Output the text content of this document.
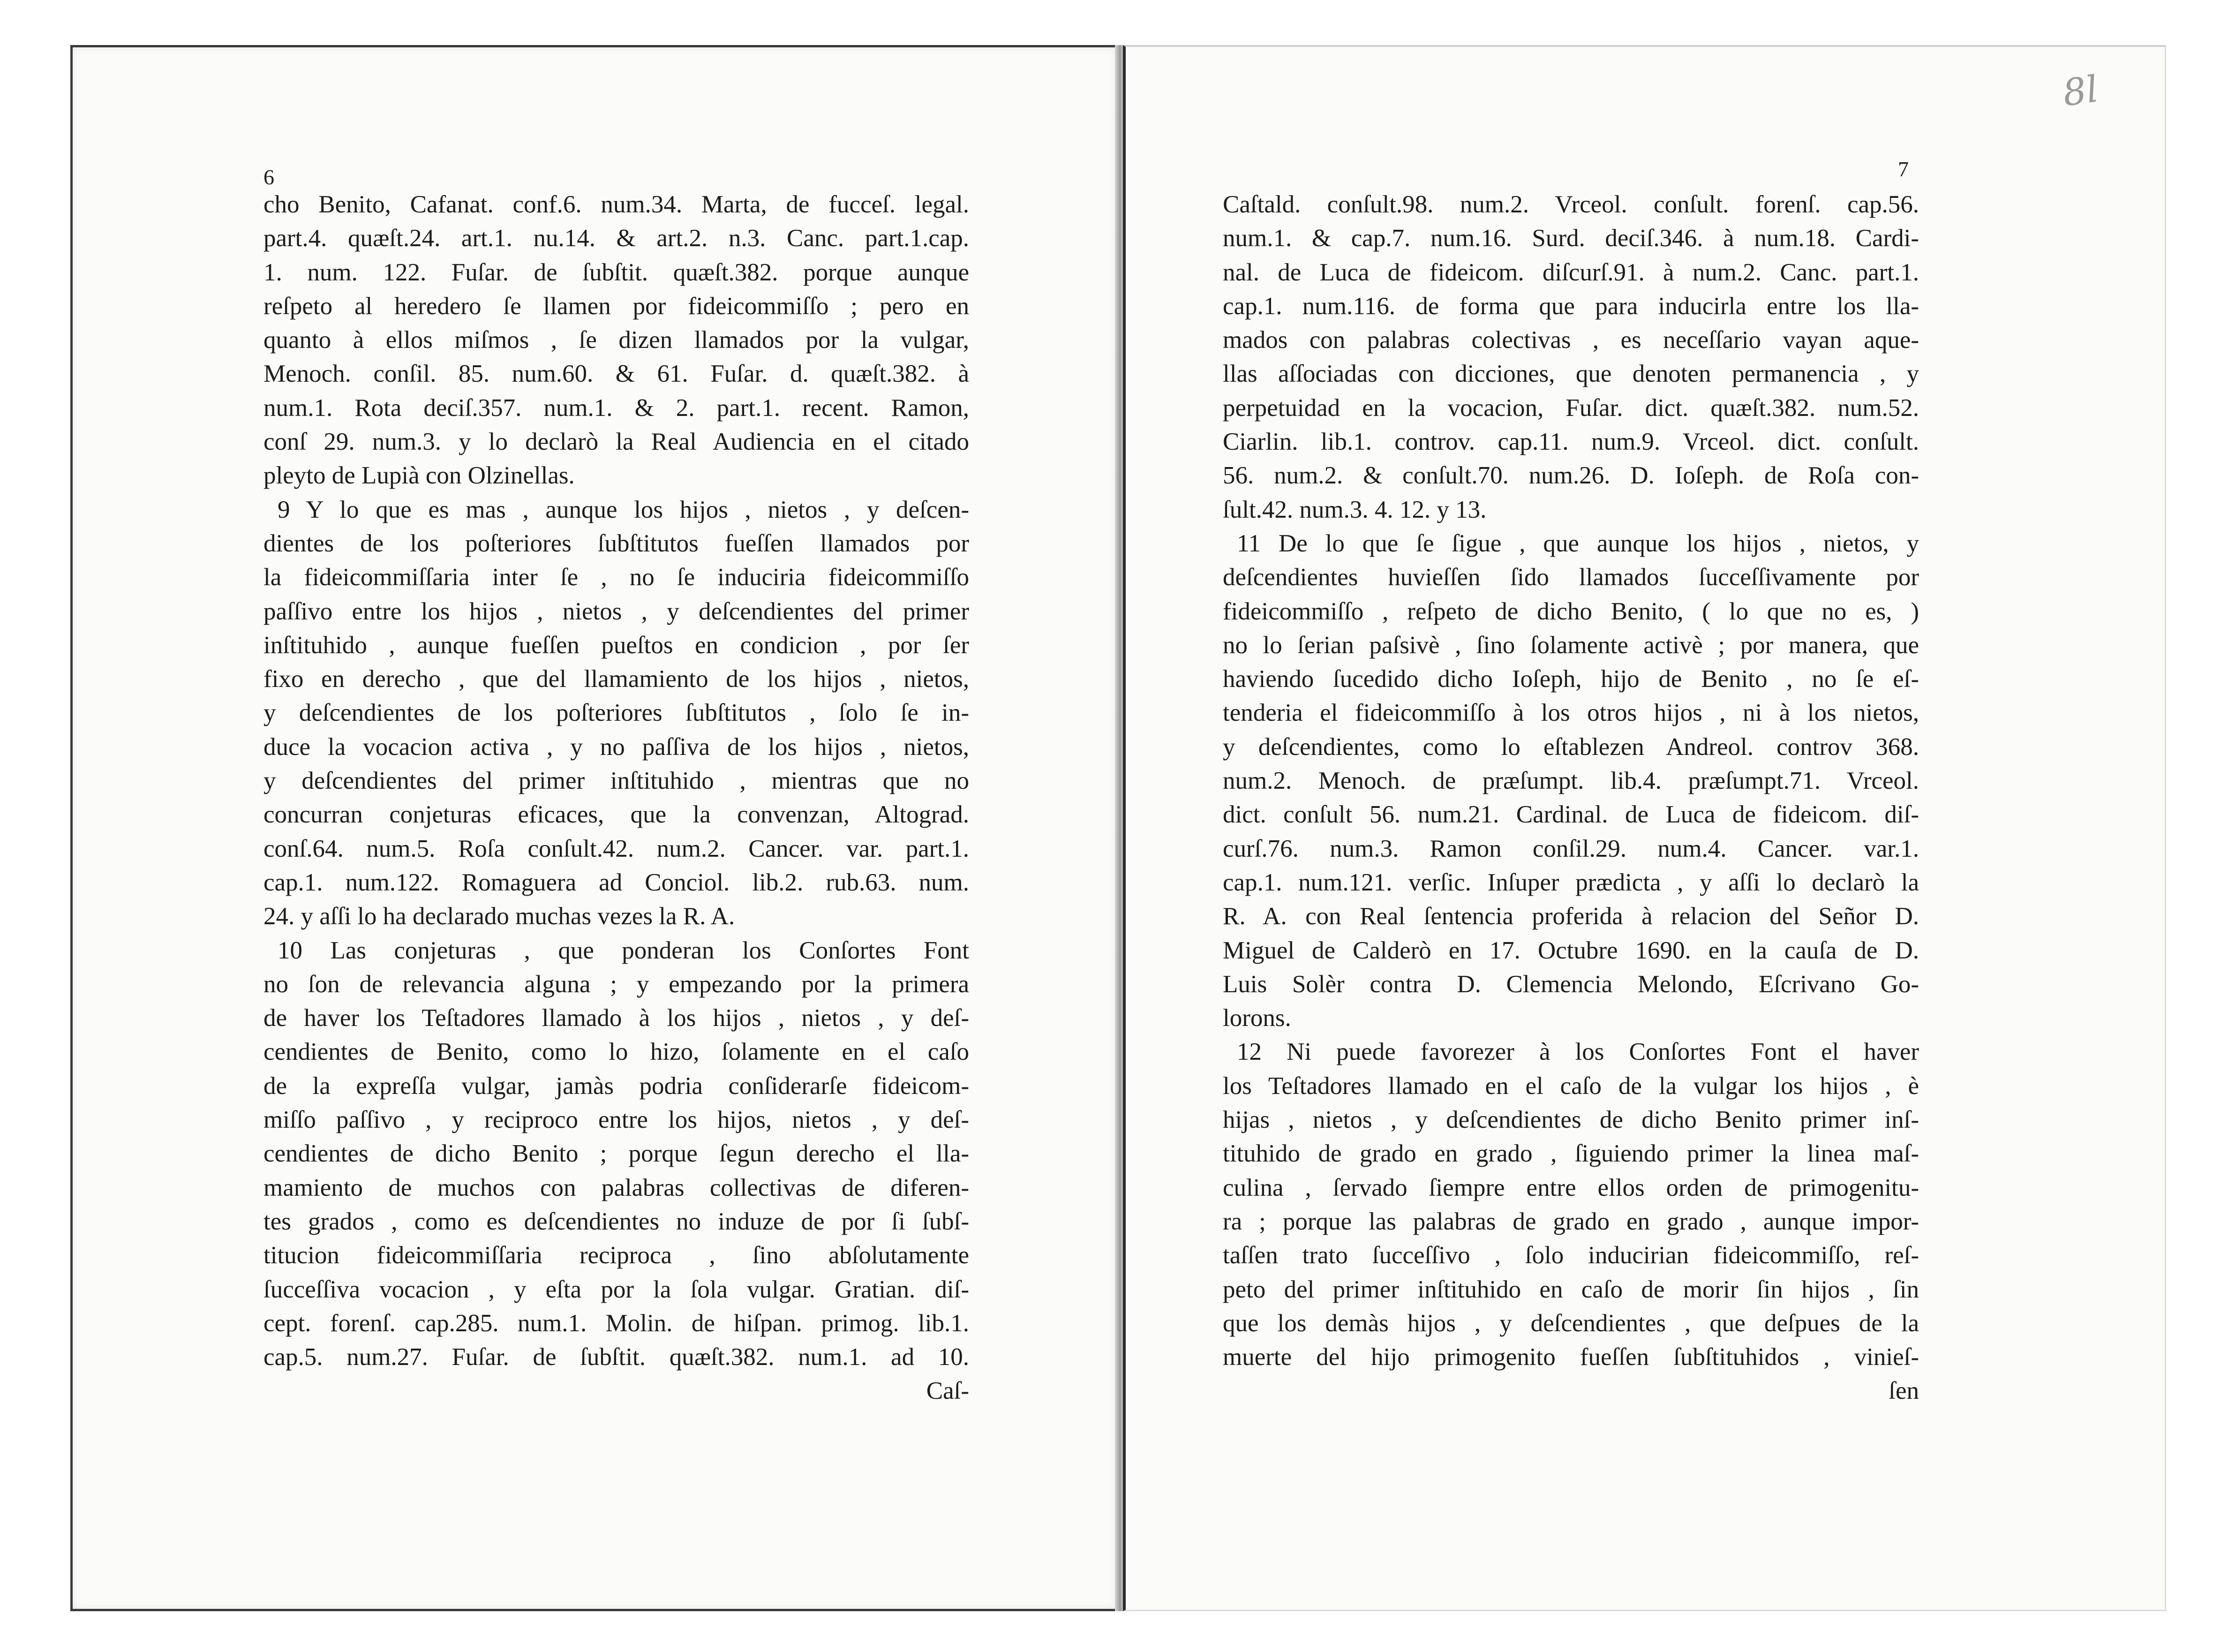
8l
6	7
cho Benito, Cafanat. conf.6. num.34. Marta, de fucceſ. legal.
part.4. quæſt.24. art.1. nu.14. & art.2. n.3. Canc. part.1.cap.
1. num. 122. Fuſar. de ſubſtit. quæſt.382. porque aunque
reſpeto al heredero ſe llamen por fideicommiſſo ; pero en
quanto à ellos miſmos , ſe dizen llamados por la vulgar,
Menoch. conſil. 85. num.60. & 61. Fuſar. d. quæſt.382. à
num.1. Rota deciſ.357. num.1. & 2. part.1. recent. Ramon,
conſ 29. num.3. y lo declarò la Real Audiencia en el citado
pleyto de Lupià con Olzinellas.
9 Y lo que es mas , aunque los hijos , nietos , y deſcen-
dientes de los poſteriores ſubſtitutos fueſſen llamados por
la fideicommiſſaria inter ſe , no ſe induciria fideicommiſſo
paſſivo entre los hijos , nietos , y deſcendientes del primer
inſtituhido , aunque fueſſen pueſtos en condicion , por ſer
fixo en derecho , que del llamamiento de los hijos , nietos,
y deſcendientes de los poſteriores ſubſtitutos , ſolo ſe in-
duce la vocacion activa , y no paſſiva de los hijos , nietos,
y deſcendientes del primer inſtituhido , mientras que no
concurran conjeturas eficaces, que la convenzan, Altograd.
conſ.64. num.5. Roſa conſult.42. num.2. Cancer. var. part.1.
cap.1. num.122. Romaguera ad Conciol. lib.2. rub.63. num.
24. y aſſi lo ha declarado muchas vezes la R. A.
10 Las conjeturas , que ponderan los Conſortes Font
no ſon de relevancia alguna ; y empezando por la primera
de haver los Teſtadores llamado à los hijos , nietos , y deſ-
cendientes de Benito, como lo hizo, ſolamente en el caſo
de la expreſſa vulgar, jamàs podria conſiderarſe fideicom-
miſſo paſſivo , y reciproco entre los hijos, nietos , y deſ-
cendientes de dicho Benito ; porque ſegun derecho el lla-
mamiento de muchos con palabras collectivas de diferen-
tes grados , como es deſcendientes no induze de por ſi ſubſ-
titucion fideicommiſſaria reciproca , ſino abſolutamente
ſucceſſiva vocacion , y eſta por la ſola vulgar. Gratian. diſ-
cept. forenſ. cap.285. num.1. Molin. de hiſpan. primog. lib.1.
cap.5. num.27. Fuſar. de ſubſtit. quæſt.382. num.1. ad 10.
Caſ-
Caſtald. conſult.98. num.2. Vrceol. conſult. forenſ. cap.56.
num.1. & cap.7. num.16. Surd. deciſ.346. à num.18. Cardi-
nal. de Luca de fideicom. diſcurſ.91. à num.2. Canc. part.1.
cap.1. num.116. de forma que para inducirla entre los lla-
mados con palabras colectivas , es neceſſario vayan aque-
llas aſſociadas con dicciones, que denoten permanencia , y
perpetuidad en la vocacion, Fuſar. dict. quæſt.382. num.52.
Ciarlin. lib.1. controv. cap.11. num.9. Vrceol. dict. conſult.
56. num.2. & conſult.70. num.26. D. Ioſeph. de Roſa con-
ſult.42. num.3. 4. 12. y 13.
11 De lo que ſe ſigue , que aunque los hijos , nietos, y
deſcendientes huvieſſen ſido llamados ſucceſſivamente por
fideicommiſſo , reſpeto de dicho Benito, ( lo que no es, )
no lo ſerian paſsivè , ſino ſolamente activè ; por manera, que
haviendo ſucedido dicho Ioſeph, hijo de Benito , no ſe eſ-
tenderia el fideicommiſſo à los otros hijos , ni à los nietos,
y deſcendientes, como lo eſtablezen Andreol. controv 368.
num.2. Menoch. de præſumpt. lib.4. præſumpt.71. Vrceol.
dict. conſult 56. num.21. Cardinal. de Luca de fideicom. diſ-
curſ.76. num.3. Ramon conſil.29. num.4. Cancer. var.1.
cap.1. num.121. verſic. Inſuper prædicta , y aſſi lo declarò la
R. A. con Real ſentencia proferida à relacion del Señor D.
Miguel de Calderò en 17. Octubre 1690. en la cauſa de D.
Luis Solèr contra D. Clemencia Melondo, Eſcrivano Go-
lorons.
12 Ni puede favorezer à los Conſortes Font el haver
los Teſtadores llamado en el caſo de la vulgar los hijos , è
hijas , nietos , y deſcendientes de dicho Benito primer inſ-
tituhido de grado en grado , ſiguiendo primer la linea maſ-
culina , ſervado ſiempre entre ellos orden de primogenitu-
ra ; porque las palabras de grado en grado , aunque impor-
taſſen trato ſucceſſivo , ſolo inducirian fideicommiſſo, reſ-
peto del primer inſtituhido en caſo de morir ſin hijos , ſin
que los demàs hijos , y deſcendientes , que deſpues de la
muerte del hijo primogenito fueſſen ſubſtituhidos , vinieſ-
ſen
